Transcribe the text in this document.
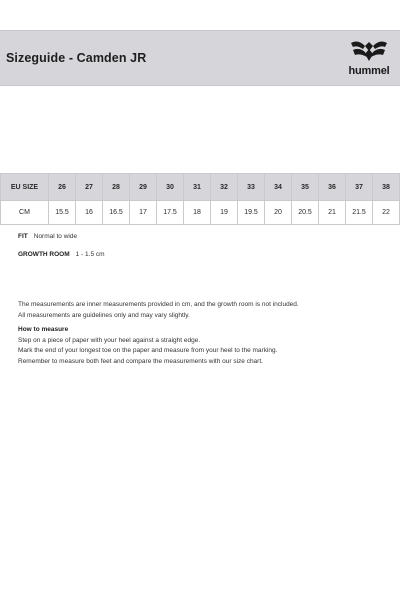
Sizeguide - Camden JR
hummel
EU SIZE	26	27	28	29	30	31	32	33	34	35	36	37	38
CM	15.5	16	16.5	17	17.5	18	19	19.5	20	20.5	21	21.5	22
FIT Normal to wide
GROWTH ROOM 1 - 1.5 cm

The measurements are inner measurements provided in cm, and the growth room is not included.

All measurements are guidelines only and may vary slightly.

How to measure

Step on a piece of paper with your heel against a straight edge.

Mark the end of your longest toe on the paper and measure from your heel to the marking.

Remember to measure both feet and compare the measurements with our size chart.
